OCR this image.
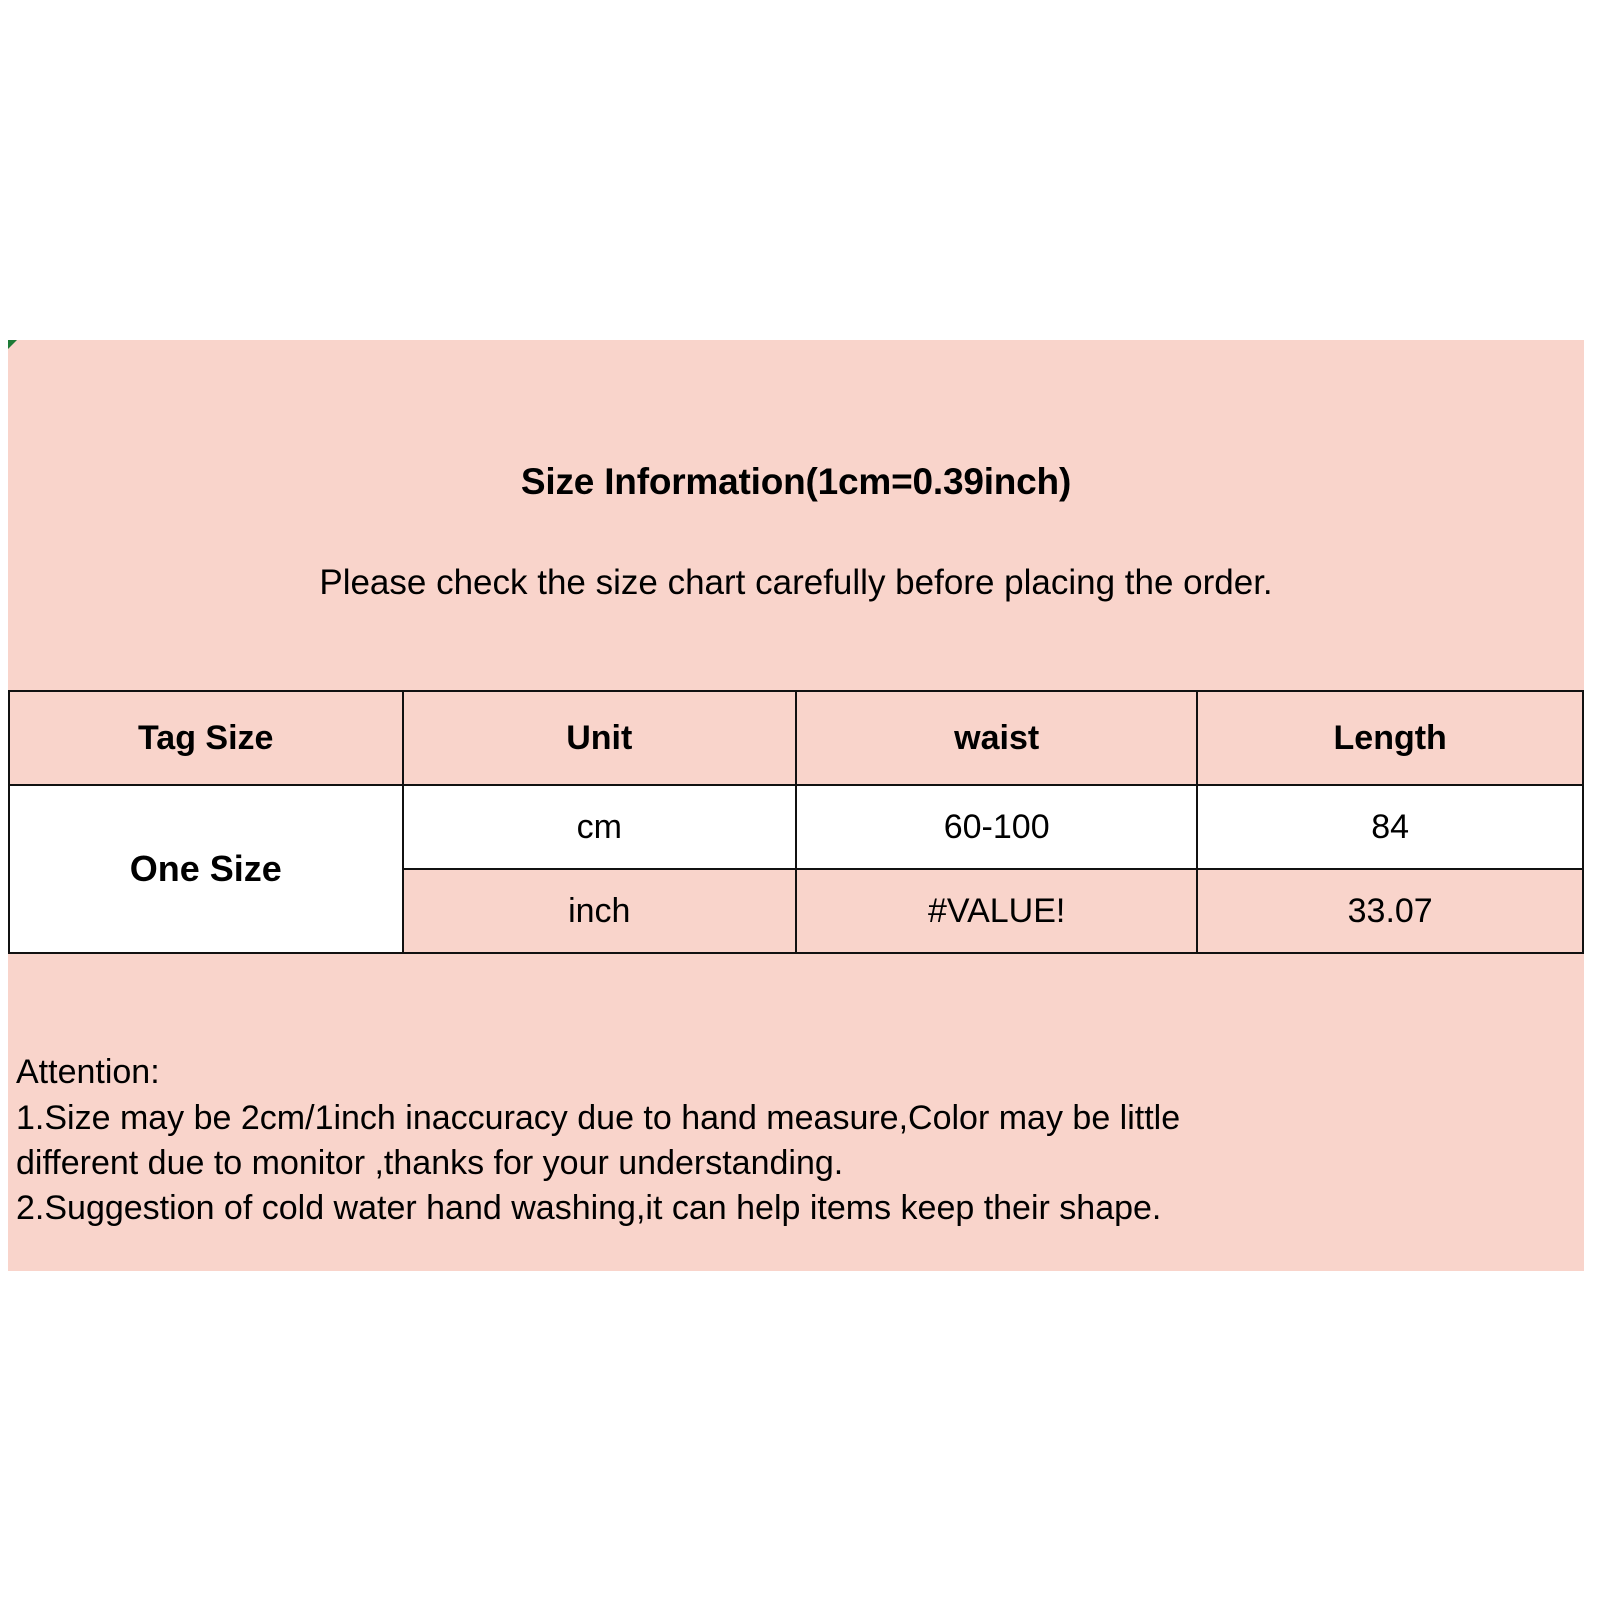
Size Information(1cm=0.39inch)
Please check the size chart carefully before placing the order.
Tag Size	Unit	waist	Length
One Size	cm	60-100	84
	inch	#VALUE!	33.07
Attention:
1.Size may be 2cm/1inch inaccuracy due to hand measure,Color may be little
different due to monitor ,thanks for your understanding.
2.Suggestion of cold water hand washing,it can help items keep their shape.
